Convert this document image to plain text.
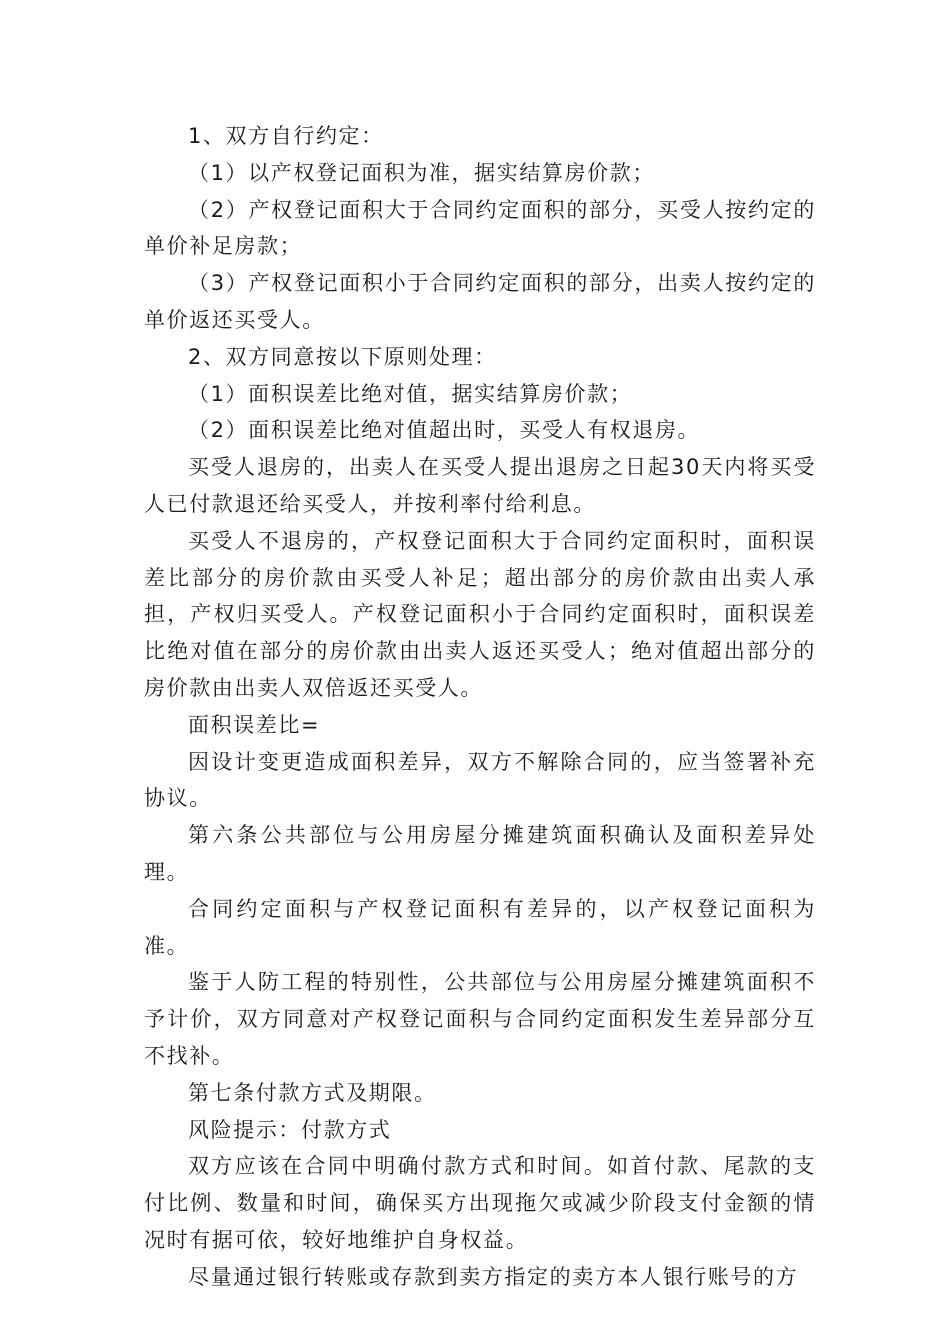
1、双方自行约定：

（1）以产权登记面积为准，据实结算房价款；

（2）产权登记面积大于合同约定面积的部分，买受人按约定的单价补足房款；

（3）产权登记面积小于合同约定面积的部分，出卖人按约定的单价返还买受人。

2、双方同意按以下原则处理：

（1）面积误差比绝对值，据实结算房价款；

（2）面积误差比绝对值超出时，买受人有权退房。

买受人退房的，出卖人在买受人提出退房之日起30天内将买受人已付款退还给买受人，并按利率付给利息。

买受人不退房的，产权登记面积大于合同约定面积时，面积误差比部分的房价款由买受人补足；超出部分的房价款由出卖人承担，产权归买受人。产权登记面积小于合同约定面积时，面积误差比绝对值在部分的房价款由出卖人返还买受人；绝对值超出部分的房价款由出卖人双倍返还买受人。

面积误差比=

因设计变更造成面积差异，双方不解除合同的，应当签署补充协议。

第六条公共部位与公用房屋分摊建筑面积确认及面积差异处理。

合同约定面积与产权登记面积有差异的，以产权登记面积为准。

鉴于人防工程的特别性，公共部位与公用房屋分摊建筑面积不予计价，双方同意对产权登记面积与合同约定面积发生差异部分互不找补。

第七条付款方式及期限。

风险提示：付款方式

双方应该在合同中明确付款方式和时间。如首付款、尾款的支付比例、数量和时间，确保买方出现拖欠或减少阶段支付金额的情况时有据可依，较好地维护自身权益。

尽量通过银行转账或存款到卖方指定的卖方本人银行账号的方
